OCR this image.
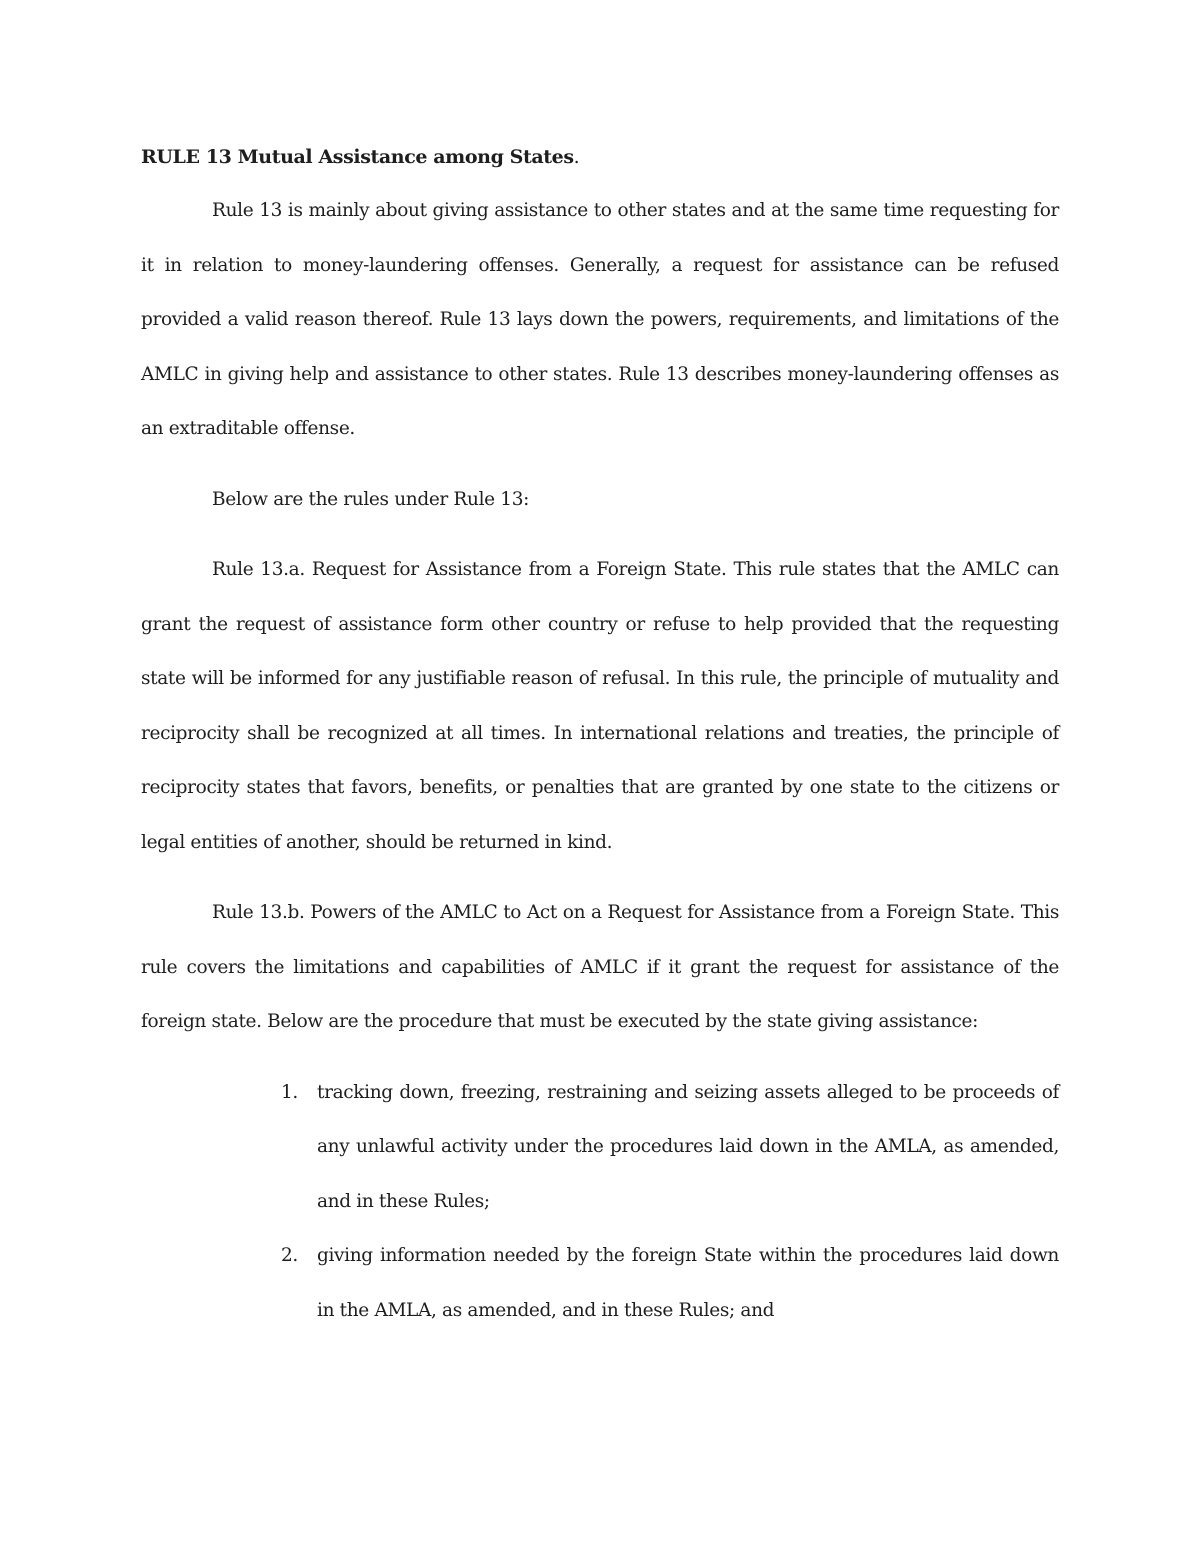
RULE 13 Mutual Assistance among States.

Rule 13 is mainly about giving assistance to other states and at the same time requesting for it in relation to money-laundering offenses. Generally, a request for assistance can be refused provided a valid reason thereof. Rule 13 lays down the powers, requirements, and limitations of the AMLC in giving help and assistance to other states. Rule 13 describes money-laundering offenses as an extraditable offense.

Below are the rules under Rule 13:

Rule 13.a. Request for Assistance from a Foreign State. This rule states that the AMLC can grant the request of assistance form other country or refuse to help provided that the requesting state will be informed for any justifiable reason of refusal. In this rule, the principle of mutuality and reciprocity shall be recognized at all times. In international relations and treaties, the principle of reciprocity states that favors, benefits, or penalties that are granted by one state to the citizens or legal entities of another, should be returned in kind.

Rule 13.b. Powers of the AMLC to Act on a Request for Assistance from a Foreign State. This rule covers the limitations and capabilities of AMLC if it grant the request for assistance of the foreign state. Below are the procedure that must be executed by the state giving assistance:

1. tracking down, freezing, restraining and seizing assets alleged to be proceeds of any unlawful activity under the procedures laid down in the AMLA, as amended, and in these Rules;
2. giving information needed by the foreign State within the procedures laid down in the AMLA, as amended, and in these Rules; and
